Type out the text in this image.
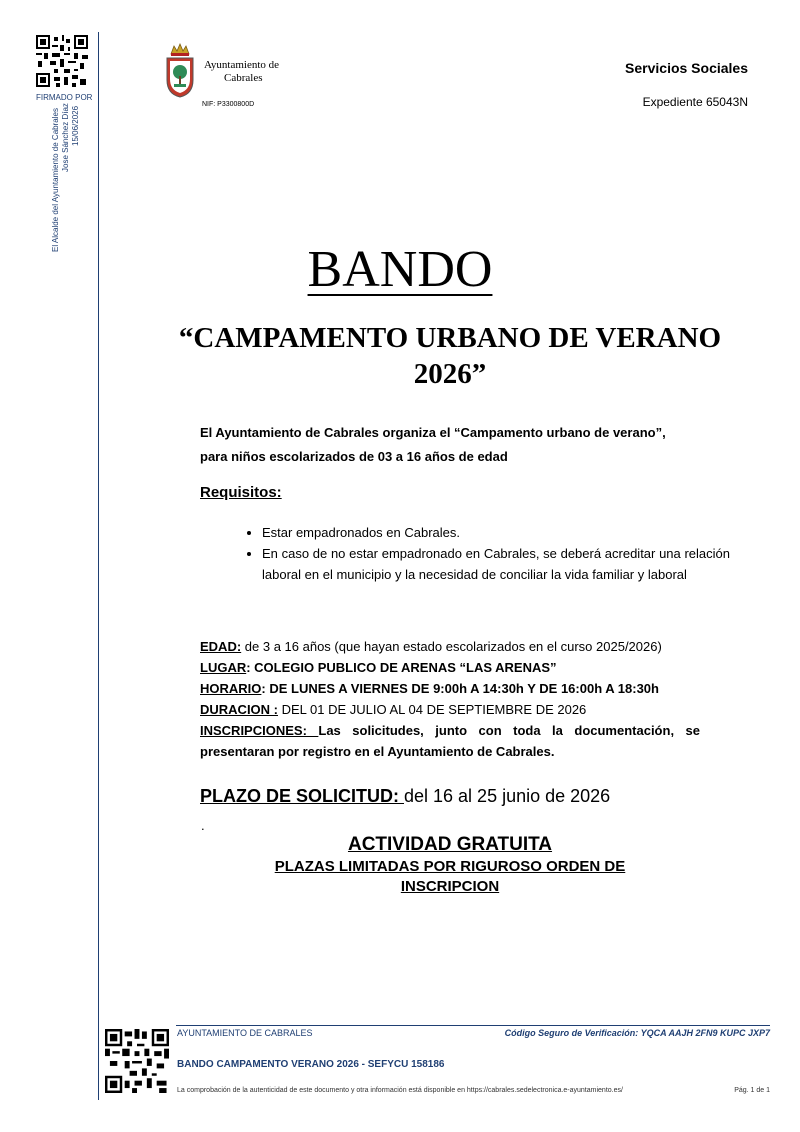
FIRMADO POR
El Alcalde del Ayuntamiento de Cabrales Jose Sánchez Díaz 15/06/2026
Ayuntamiento de
Cabrales
NIF: P3300800D
Servicios Sociales
Expediente 65043N
BANDO
“CAMPAMENTO URBANO DE VERANO
2026”
El Ayuntamiento de Cabrales organiza el “Campamento urbano de verano”,
para niños escolarizados de 03 a 16 años de edad
Requisitos:
• Estar empadronados en Cabrales.
• En caso de no estar empadronado en Cabrales, se deberá acreditar una relación laboral en el municipio y la necesidad de conciliar la vida familiar y laboral
EDAD: de 3 a 16 años (que hayan estado escolarizados en el curso 2025/2026)
LUGAR: COLEGIO PUBLICO DE ARENAS “LAS ARENAS”
HORARIO: DE LUNES A VIERNES DE 9:00h A 14:30h Y DE 16:00h A 18:30h
DURACION : DEL 01 DE JULIO AL 04 DE SEPTIEMBRE DE 2026
INSCRIPCIONES: Las solicitudes, junto con toda la documentación, se presentaran por registro en el Ayuntamiento de Cabrales.
PLAZO DE SOLICITUD: del 16 al 25 junio de 2026
.
ACTIVIDAD GRATUITA
PLAZAS LIMITADAS POR RIGUROSO ORDEN DE
INSCRIPCION
AYUNTAMIENTO DE CABRALES	Código Seguro de Verificación: YQCA AAJH 2FN9 KUPC JXP7
BANDO CAMPAMENTO VERANO 2026 - SEFYCU 158186
La comprobación de la autenticidad de este documento y otra información está disponible en https://cabrales.sedelectronica.e-ayuntamiento.es/	Pág. 1 de 1
